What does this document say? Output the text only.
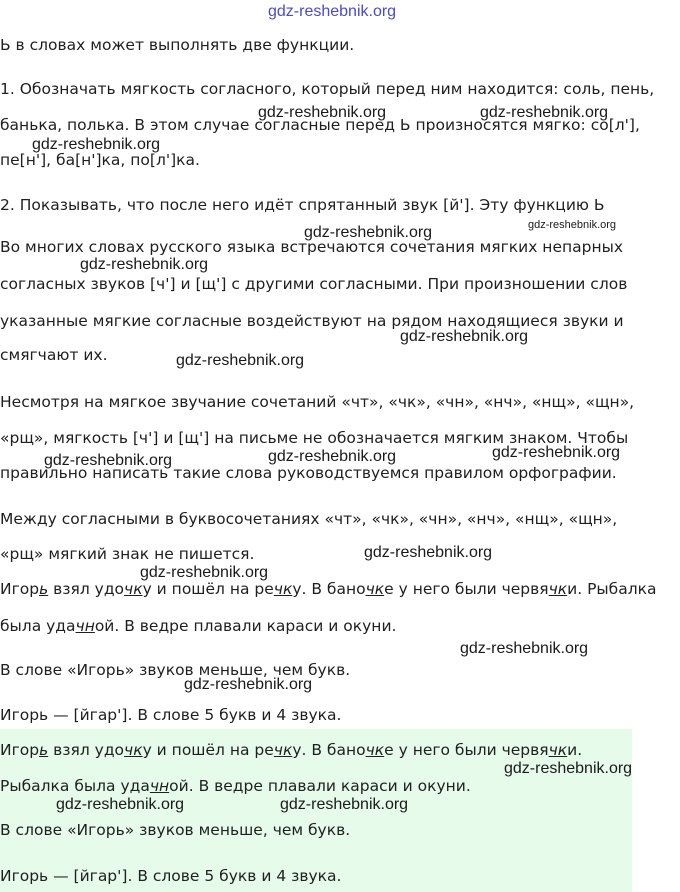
Ь в словах может выполнять две функции.
1. Обозначать мягкость согласного, который перед ним находится: соль, пень,
банька, полька. В этом случае согласные перед Ь произносятся мягко: со[л'],
пе[н'], ба[н']ка, по[л']ка.
2. Показывать, что после него идёт спрятанный звук [й']. Эту функцию Ь
Во многих словах русского языка встречаются сочетания мягких непарных
согласных звуков [ч'] и [щ'] с другими согласными. При произношении слов
указанные мягкие согласные воздействуют на рядом находящиеся звуки и
смягчают их.
Несмотря на мягкое звучание сочетаний «чт», «чк», «чн», «нч», «нщ», «щн»,
«рщ», мягкость [ч'] и [щ'] на письме не обозначается мягким знаком. Чтобы
правильно написать такие слова руководствуемся правилом орфографии.
Между согласными в буквосочетаниях «чт», «чк», «чн», «нч», «нщ», «щн»,
«рщ» мягкий знак не пишется.
Игорь взял удочку и пошёл на речку. В баночке у него были червячки. Рыбалка
была удачной. В ведре плавали караси и окуни.
В слове «Игорь» звуков меньше, чем букв.
Игорь — [йгар']. В слове 5 букв и 4 звука.
Игорь взял удочку и пошёл на речку. В баночке у него были червячки.
Рыбалка была удачной. В ведре плавали караси и окуни.
В слове «Игорь» звуков меньше, чем букв.
Игорь — [йгар']. В слове 5 букв и 4 звука.
gdz-reshebnik.org
gdz-reshebnik.org	gdz-reshebnik.org
gdz-reshebnik.org
gdz-reshebnik.org
gdz-reshebnik.org
gdz-reshebnik.org
gdz-reshebnik.org
gdz-reshebnik.org
gdz-reshebnik.org	gdz-reshebnik.org	gdz-reshebnik.org
gdz-reshebnik.org
gdz-reshebnik.org
gdz-reshebnik.org
gdz-reshebnik.org
gdz-reshebnik.org
gdz-reshebnik.org	gdz-reshebnik.org
